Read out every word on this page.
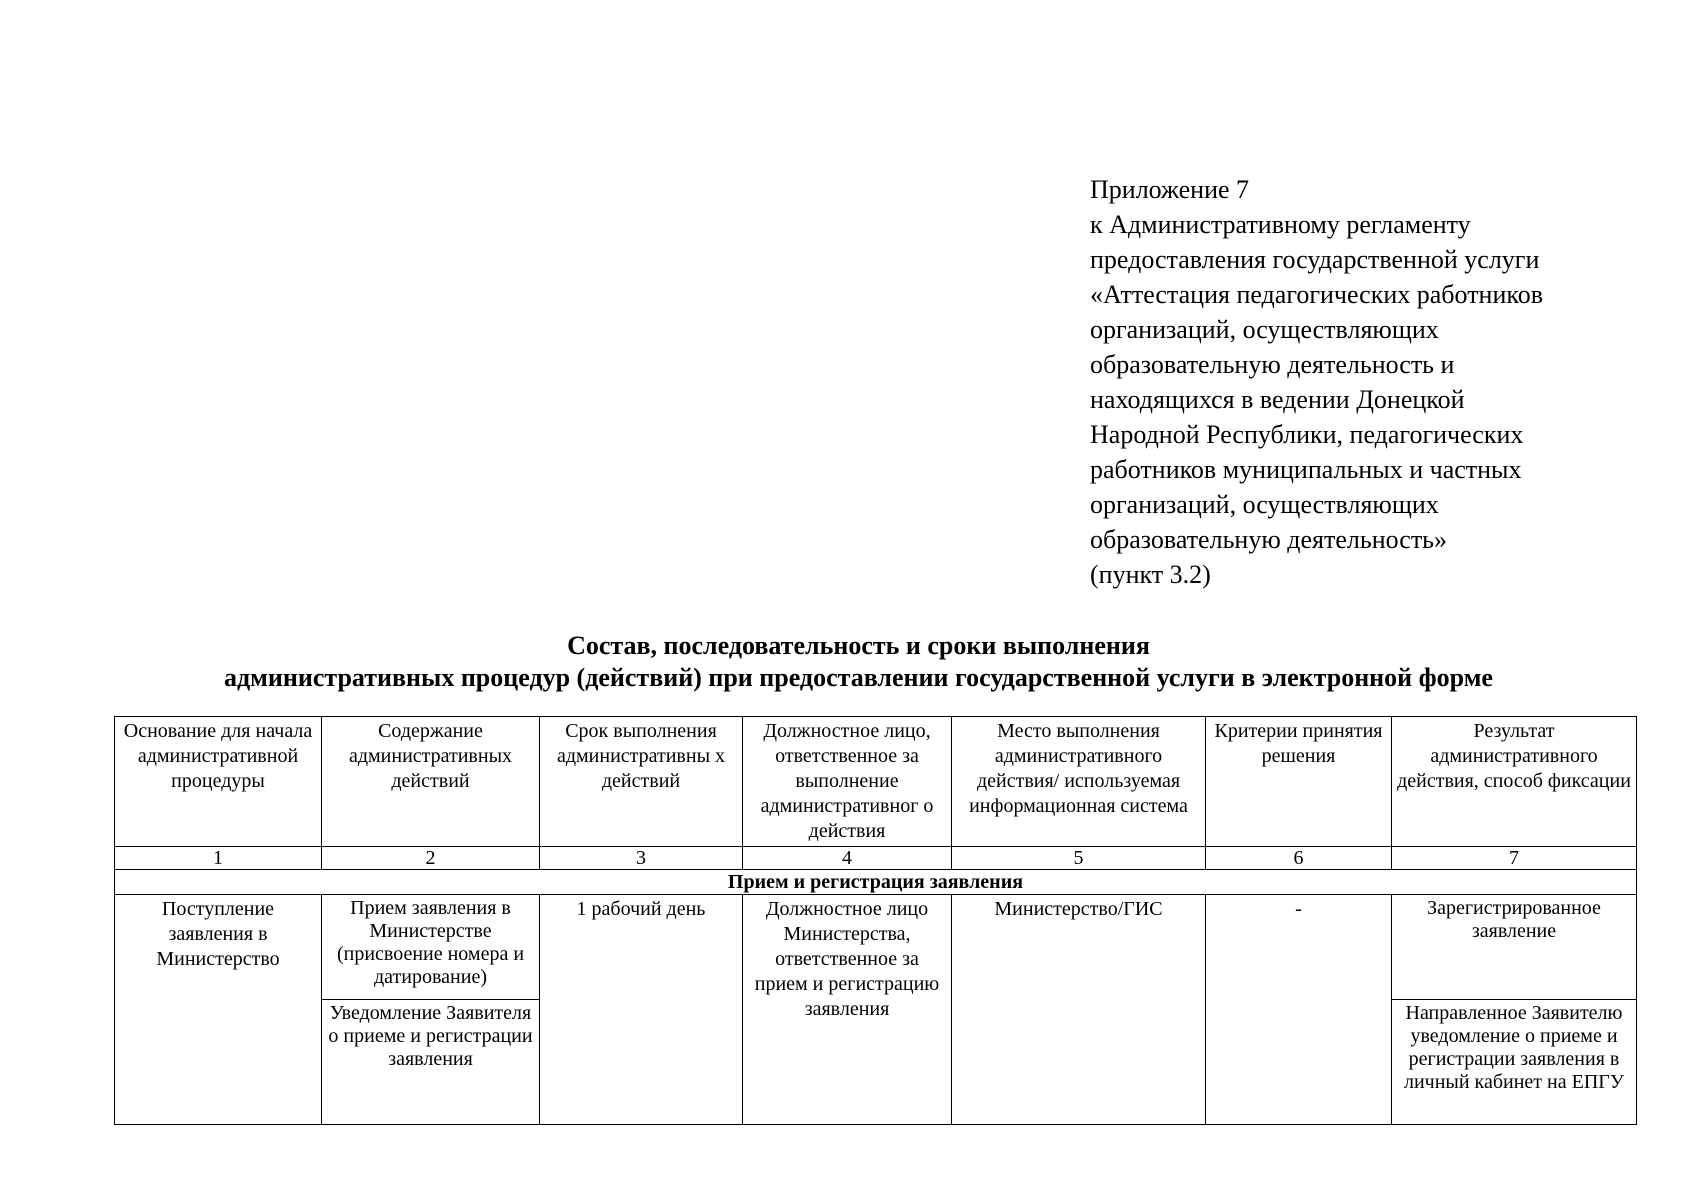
Приложение 7
к Административному регламенту
предоставления государственной услуги
«Аттестация педагогических работников
организаций, осуществляющих
образовательную деятельность и
находящихся в ведении Донецкой
Народной Республики, педагогических
работников муниципальных и частных
организаций, осуществляющих
образовательную деятельность»
(пункт 3.2)
Состав, последовательность и сроки выполнения
административных процедур (действий) при предоставлении государственной услуги в электронной форме
Основание для начала административной процедуры	Содержание административных действий	Срок выполнения административны х действий	Должностное лицо, ответственное за выполнение административног о действия	Место выполнения административного действия/ используемая информационная система	Критерии принятия решения	Результат административного действия, способ фиксации
1	2	3	4	5	6	7
Прием и регистрация заявления						
Поступление заявления в Министерство	Прием заявления в Министерстве (присвоение номера и датирование)	1 рабочий день	Должностное лицо Министерства, ответственное за прием и регистрацию заявления	Министерство/ГИС	-	Зарегистрированное заявление
	Уведомление Заявителя о приеме и регистрации заявления					Направленное Заявителю уведомление о приеме и регистрации заявления в личный кабинет на ЕПГУ
